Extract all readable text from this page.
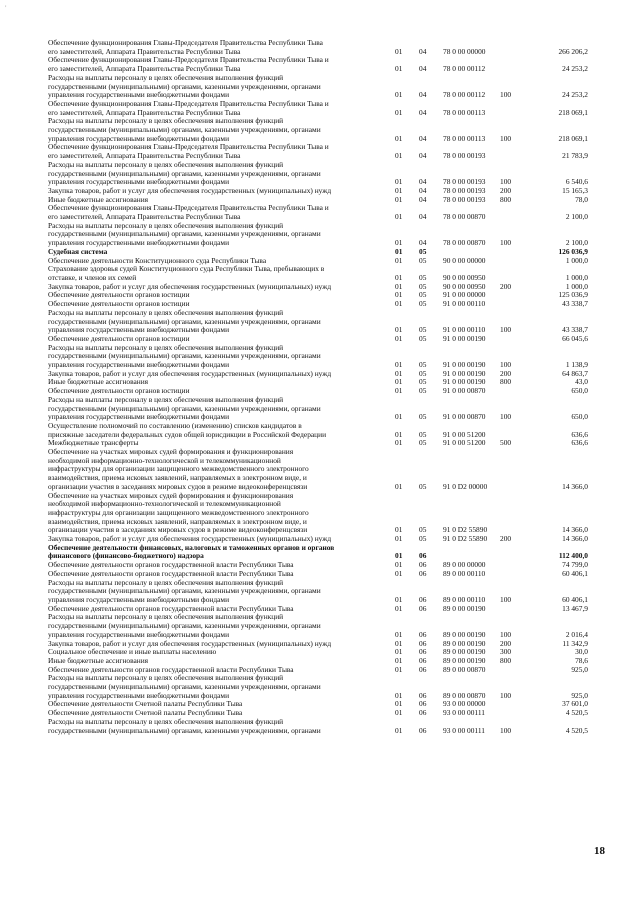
,
Обеспечение функционирования Главы-Председателя Правительства Республики Тыва
его заместителей, Аппарата Правительства Республики Тыва	01 04 78 0 00 00000	266 206,2
Обеспечение функционирования Главы-Председателя Правительства Республики Тыва и
его заместителей, Аппарата Правительства Республики Тыва	01 04 78 0 00 00112	24 253,2
Расходы на выплаты персоналу в целях обеспечения выполнения функций
государственными (муниципальными) органами, казенными учреждениями, органами
управления государственными внебюджетными фондами	01 04 78 0 00 00112 100	24 253,2
Обеспечение функционирования Главы-Председателя Правительства Республики Тыва и
его заместителей, Аппарата Правительства Республики Тыва	01 04 78 0 00 00113	218 069,1
Расходы на выплаты персоналу в целях обеспечения выполнения функций
государственными (муниципальными) органами, казенными учреждениями, органами
управления государственными внебюджетными фондами	01 04 78 0 00 00113 100	218 069,1
Обеспечение функционирования Главы-Председателя Правительства Республики Тыва и
его заместителей, Аппарата Правительства Республики Тыва	01 04 78 0 00 00193	21 783,9
Расходы на выплаты персоналу в целях обеспечения выполнения функций
государственными (муниципальными) органами, казенными учреждениями, органами
управления государственными внебюджетными фондами	01 04 78 0 00 00193 100	6 540,6
Закупка товаров, работ и услуг для обеспечения государственных (муниципальных) нужд	01 04 78 0 00 00193 200	15 165,3
Иные бюджетные ассигнования	01 04 78 0 00 00193 800	78,0
Обеспечение функционирования Главы-Председателя Правительства Республики Тыва и
его заместителей, Аппарата Правительства Республики Тыва	01 04 78 0 00 00870	2 100,0
Расходы на выплаты персоналу в целях обеспечения выполнения функций
государственными (муниципальными) органами, казенными учреждениями, органами
управления государственными внебюджетными фондами	01 04 78 0 00 00870 100	2 100,0
Судебная система	01 05	126 036,9
Обеспечение деятельности Конституционного суда Республики Тыва	01 05 90 0 00 00000	1 000,0
Страхование здоровья судей Конституционного суда Республики Тыва, пребывающих в
отставке, и членов их семей	01 05 90 0 00 00950	1 000,0
Закупка товаров, работ и услуг для обеспечения государственных (муниципальных) нужд	01 05 90 0 00 00950 200	1 000,0
Обеспечение деятельности органов юстиции	01 05 91 0 00 00000	125 036,9
Обеспечение деятельности органов юстиции	01 05 91 0 00 00110	43 338,7
Расходы на выплаты персоналу в целях обеспечения выполнения функций
государственными (муниципальными) органами, казенными учреждениями, органами
управления государственными внебюджетными фондами	01 05 91 0 00 00110 100	43 338,7
Обеспечение деятельности органов юстиции	01 05 91 0 00 00190	66 045,6
Расходы на выплаты персоналу в целях обеспечения выполнения функций
государственными (муниципальными) органами, казенными учреждениями, органами
управления государственными внебюджетными фондами	01 05 91 0 00 00190 100	1 138,9
Закупка товаров, работ и услуг для обеспечения государственных (муниципальных) нужд	01 05 91 0 00 00190 200	64 863,7
Иные бюджетные ассигнования	01 05 91 0 00 00190 800	43,0
Обеспечение деятельности органов юстиции	01 05 91 0 00 00870	650,0
Расходы на выплаты персоналу в целях обеспечения выполнения функций
государственными (муниципальными) органами, казенными учреждениями, органами
управления государственными внебюджетными фондами	01 05 91 0 00 00870 100	650,0
Осуществление полномочий по составлению (изменению) списков кандидатов в
присяжные заседатели федеральных судов общей юрисдикции в Российской Федерации	01 05 91 0 00 51200	636,6
Межбюджетные трансферты	01 05 91 0 00 51200 500	636,6
Обеспечение на участках мировых судей формирования и функционирования
необходимой информационно-технологической и телекоммуникационной
инфраструктуры для организации защищенного межведомственного электронного
взаимодействия, приема исковых заявлений, направляемых в электронном виде, и
организации участия в заседаниях мировых судов в режиме видеоконференцсвязи	01 05 91 0 D2 00000	14 366,0
Обеспечение на участках мировых судей формирования и функционирования
необходимой информационно-технологической и телекоммуникационной
инфраструктуры для организации защищенного межведомственного электронного
взаимодействия, приема исковых заявлений, направляемых в электронном виде, и
организации участия в заседаниях мировых судов в режиме видеоконференцсвязи	01 05 91 0 D2 55890	14 366,0
Закупка товаров, работ и услуг для обеспечения государственных (муниципальных) нужд	01 05 91 0 D2 55890 200	14 366,0
Обеспечение деятельности финансовых, налоговых и таможенных органов и органов
финансового (финансово-бюджетного) надзора	01 06	112 400,0
Обеспечение деятельности органов государственной власти Республики Тыва	01 06 89 0 00 00000	74 799,0
Обеспечение деятельности органов государственной власти Республики Тыва	01 06 89 0 00 00110	60 406,1
Расходы на выплаты персоналу в целях обеспечения выполнения функций
государственными (муниципальными) органами, казенными учреждениями, органами
управления государственными внебюджетными фондами	01 06 89 0 00 00110 100	60 406,1
Обеспечение деятельности органов государственной власти Республики Тыва	01 06 89 0 00 00190	13 467,9
Расходы на выплаты персоналу в целях обеспечения выполнения функций
государственными (муниципальными) органами, казенными учреждениями, органами
управления государственными внебюджетными фондами	01 06 89 0 00 00190 100	2 016,4
Закупка товаров, работ и услуг для обеспечения государственных (муниципальных) нужд	01 06 89 0 00 00190 200	11 342,9
Социальное обеспечение и иные выплаты населению	01 06 89 0 00 00190 300	30,0
Иные бюджетные ассигнования	01 06 89 0 00 00190 800	78,6
Обеспечение деятельности органов государственной власти Республики Тыва	01 06 89 0 00 00870	925,0
Расходы на выплаты персоналу в целях обеспечения выполнения функций
государственными (муниципальными) органами, казенными учреждениями, органами
управления государственными внебюджетными фондами	01 06 89 0 00 00870 100	925,0
Обеспечение деятельности Счетной палаты Республики Тыва	01 06 93 0 00 00000	37 601,0
Обеспечение деятельности Счетной палаты Республики Тыва	01 06 93 0 00 00111	4 520,5
Расходы на выплаты персоналу в целях обеспечения выполнения функций
государственными (муниципальными) органами, казенными учреждениями, органами	01 06 93 0 00 00111 100	4 520,5
18
